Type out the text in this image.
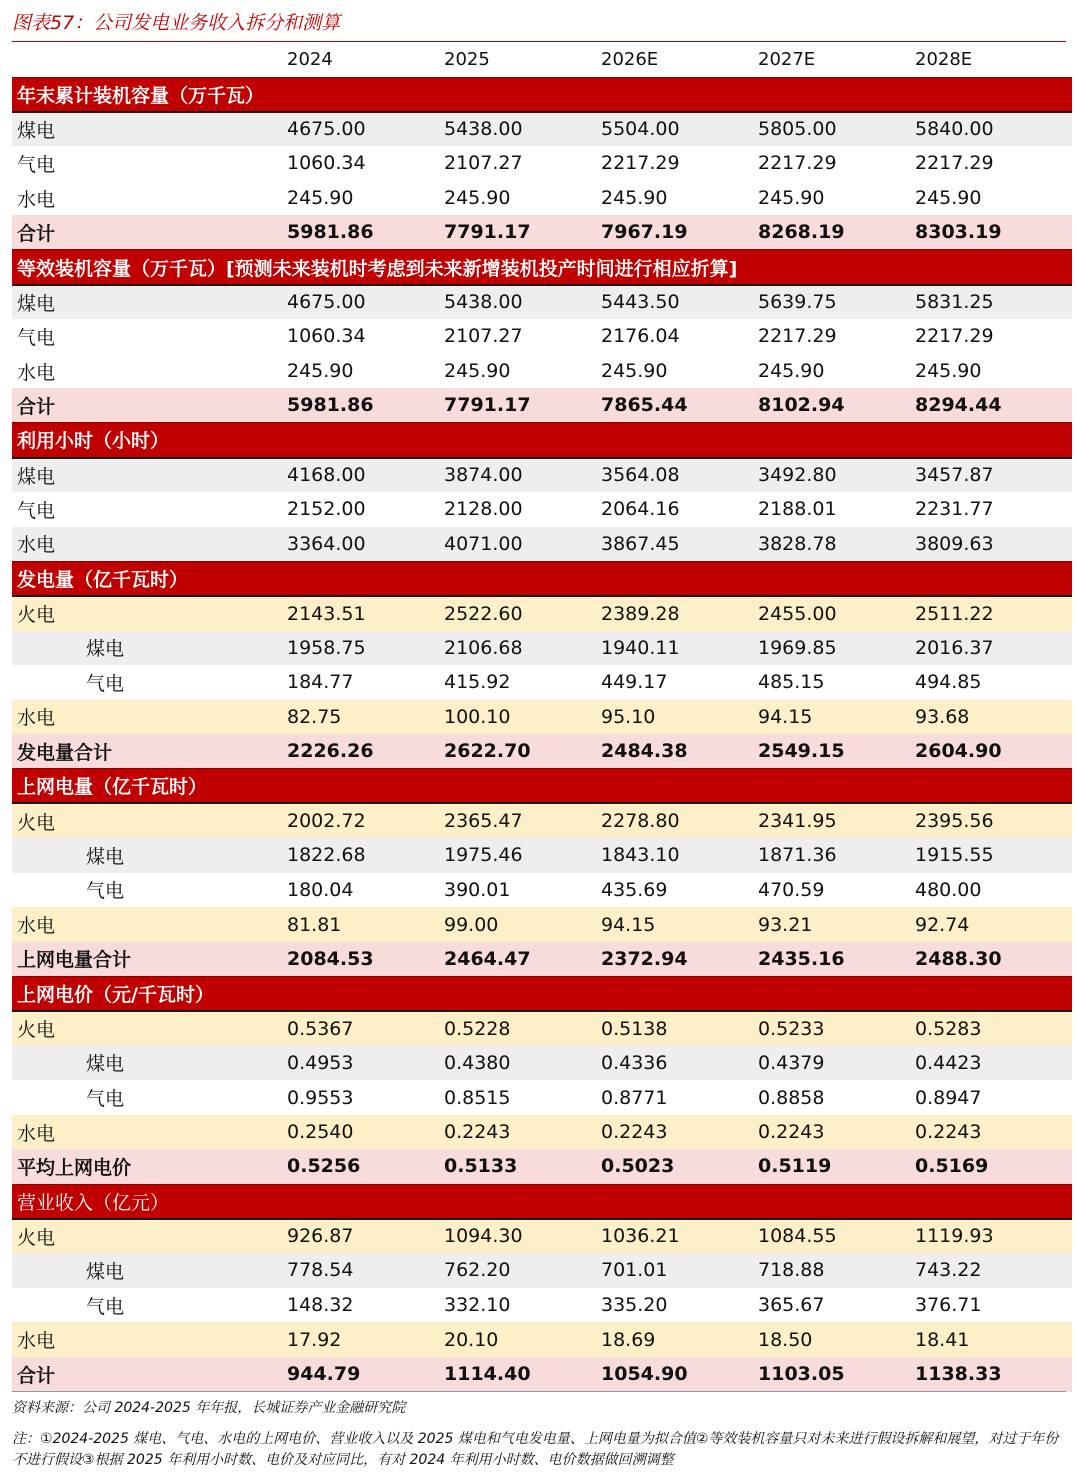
图表57：公司发电业务收入拆分和测算
	2024	2025	2026E	2027E	2028E
年末累计装机容量（万千瓦）					
煤电	4675.00	5438.00	5504.00	5805.00	5840.00
气电	1060.34	2107.27	2217.29	2217.29	2217.29
水电	245.90	245.90	245.90	245.90	245.90
合计	5981.86	7791.17	7967.19	8268.19	8303.19
等效装机容量（万千瓦）[预测未来装机时考虑到未来新增装机投产时间进行相应折算]					
煤电	4675.00	5438.00	5443.50	5639.75	5831.25
气电	1060.34	2107.27	2176.04	2217.29	2217.29
水电	245.90	245.90	245.90	245.90	245.90
合计	5981.86	7791.17	7865.44	8102.94	8294.44
利用小时（小时）					
煤电	4168.00	3874.00	3564.08	3492.80	3457.87
气电	2152.00	2128.00	2064.16	2188.01	2231.77
水电	3364.00	4071.00	3867.45	3828.78	3809.63
发电量（亿千瓦时）					
火电	2143.51	2522.60	2389.28	2455.00	2511.22
煤电	1958.75	2106.68	1940.11	1969.85	2016.37
气电	184.77	415.92	449.17	485.15	494.85
水电	82.75	100.10	95.10	94.15	93.68
发电量合计	2226.26	2622.70	2484.38	2549.15	2604.90
上网电量（亿千瓦时）					
火电	2002.72	2365.47	2278.80	2341.95	2395.56
煤电	1822.68	1975.46	1843.10	1871.36	1915.55
气电	180.04	390.01	435.69	470.59	480.00
水电	81.81	99.00	94.15	93.21	92.74
上网电量合计	2084.53	2464.47	2372.94	2435.16	2488.30
上网电价（元/千瓦时）					
火电	0.5367	0.5228	0.5138	0.5233	0.5283
煤电	0.4953	0.4380	0.4336	0.4379	0.4423
气电	0.9553	0.8515	0.8771	0.8858	0.8947
水电	0.2540	0.2243	0.2243	0.2243	0.2243
平均上网电价	0.5256	0.5133	0.5023	0.5119	0.5169
营业收入（亿元）					
火电	926.87	1094.30	1036.21	1084.55	1119.93
煤电	778.54	762.20	701.01	718.88	743.22
气电	148.32	332.10	335.20	365.67	376.71
水电	17.92	20.10	18.69	18.50	18.41
合计	944.79	1114.40	1054.90	1103.05	1138.33
资料来源：公司 2024-2025 年年报，长城证券产业金融研究院
注：①2024-2025 煤电、气电、水电的上网电价、营业收入以及 2025 煤电和气电发电量、上网电量为拟合值②等效装机容量只对未来进行假设拆解和展望，对过于年份不进行假设③根据 2025 年利用小时数、电价及对应同比，有对 2024 年利用小时数、电价数据做回溯调整
